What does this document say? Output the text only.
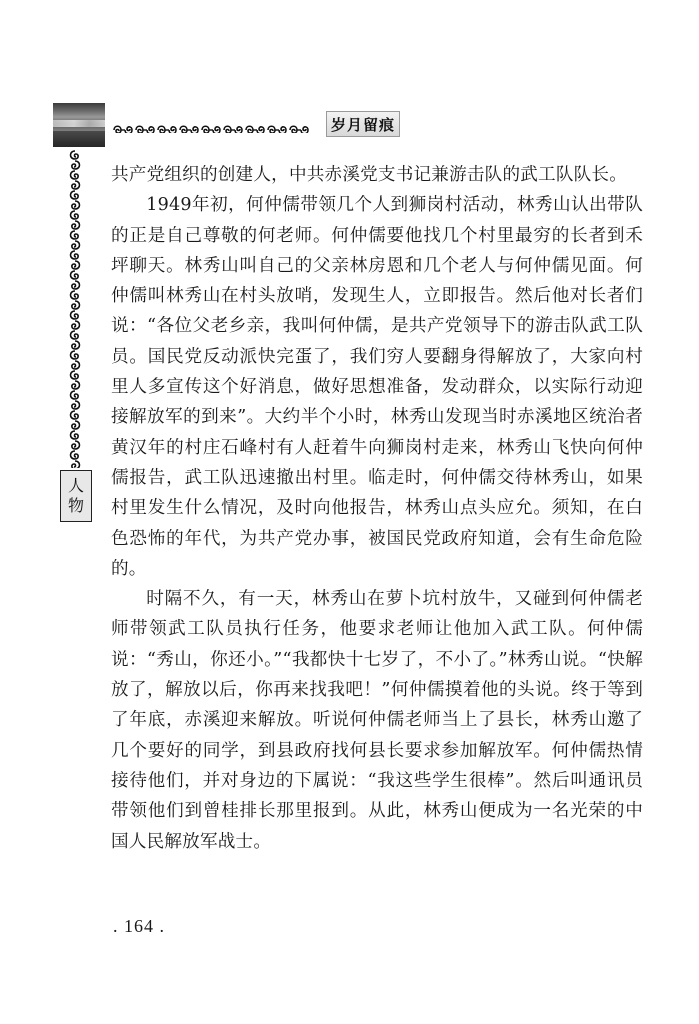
岁月留痕
人
物

共产党组织的创建人，中共赤溪党支书记兼游击队的武工队队长。

1949年初，何仲儒带领几个人到狮岗村活动，林秀山认出带队的正是自己尊敬的何老师。何仲儒要他找几个村里最穷的长者到禾坪聊天。林秀山叫自己的父亲林房恩和几个老人与何仲儒见面。何仲儒叫林秀山在村头放哨，发现生人，立即报告。然后他对长者们说：“各位父老乡亲，我叫何仲儒，是共产党领导下的游击队武工队员。国民党反动派快完蛋了，我们穷人要翻身得解放了，大家向村里人多宣传这个好消息，做好思想准备，发动群众，以实际行动迎接解放军的到来”。大约半个小时，林秀山发现当时赤溪地区统治者黄汉年的村庄石峰村有人赶着牛向狮岗村走来，林秀山飞快向何仲儒报告，武工队迅速撤出村里。临走时，何仲儒交待林秀山，如果村里发生什么情况，及时向他报告，林秀山点头应允。须知，在白色恐怖的年代，为共产党办事，被国民党政府知道，会有生命危险的。

时隔不久，有一天，林秀山在萝卜坑村放牛，又碰到何仲儒老师带领武工队员执行任务，他要求老师让他加入武工队。何仲儒说：“秀山，你还小。”“我都快十七岁了，不小了。”林秀山说。“快解放了，解放以后，你再来找我吧！”何仲儒摸着他的头说。终于等到了年底，赤溪迎来解放。听说何仲儒老师当上了县长，林秀山邀了几个要好的同学，到县政府找何县长要求参加解放军。何仲儒热情接待他们，并对身边的下属说：“我这些学生很棒”。然后叫通讯员带领他们到曾桂排长那里报到。从此，林秀山便成为一名光荣的中国人民解放军战士。

. 164 .
